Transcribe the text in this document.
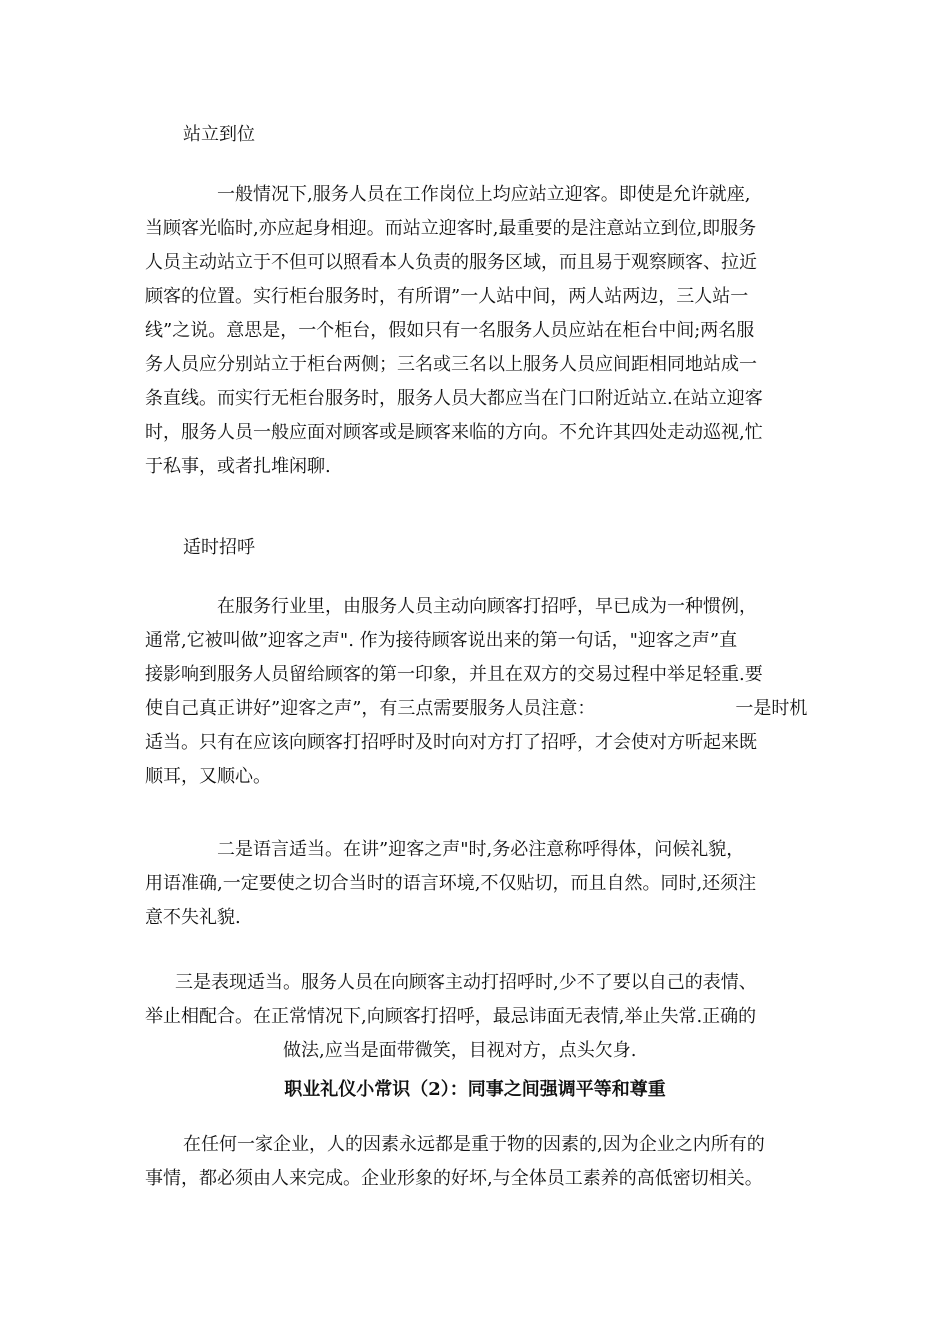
站立到位
一般情况下,服务人员在工作岗位上均应站立迎客。即使是允许就座,
当顾客光临时,亦应起身相迎。而站立迎客时,最重要的是注意站立到位,即服务
人员主动站立于不但可以照看本人负责的服务区域，而且易于观察顾客、拉近
顾客的位置。实行柜台服务时，有所谓”一人站中间，两人站两边，三人站一
线”之说。意思是，一个柜台，假如只有一名服务人员应站在柜台中间;两名服
务人员应分别站立于柜台两侧；三名或三名以上服务人员应间距相同地站成一
条直线。而实行无柜台服务时，服务人员大都应当在门口附近站立.在站立迎客
时，服务人员一般应面对顾客或是顾客来临的方向。不允许其四处走动巡视,忙
于私事，或者扎堆闲聊.
适时招呼
在服务行业里，由服务人员主动向顾客打招呼，早已成为一种惯例，
通常,它被叫做”迎客之声". 作为接待顾客说出来的第一句话，"迎客之声”直
接影响到服务人员留给顾客的第一印象，并且在双方的交易过程中举足轻重.要
使自己真正讲好”迎客之声”，有三点需要服务人员注意：	一是时机
适当。只有在应该向顾客打招呼时及时向对方打了招呼，才会使对方听起来既
顺耳，又顺心。
二是语言适当。在讲”迎客之声"时,务必注意称呼得体，问候礼貌，
用语准确,一定要使之切合当时的语言环境,不仅贴切，而且自然。同时,还须注
意不失礼貌.
三是表现适当。服务人员在向顾客主动打招呼时,少不了要以自己的表情、
举止相配合。在正常情况下,向顾客打招呼，最忌讳面无表情,举止失常.正确的
做法,应当是面带微笑，目视对方，点头欠身.
职业礼仪小常识（2）：同事之间强调平等和尊重
在任何一家企业，人的因素永远都是重于物的因素的,因为企业之内所有的
事情，都必须由人来完成。企业形象的好坏,与全体员工素养的高低密切相关。
